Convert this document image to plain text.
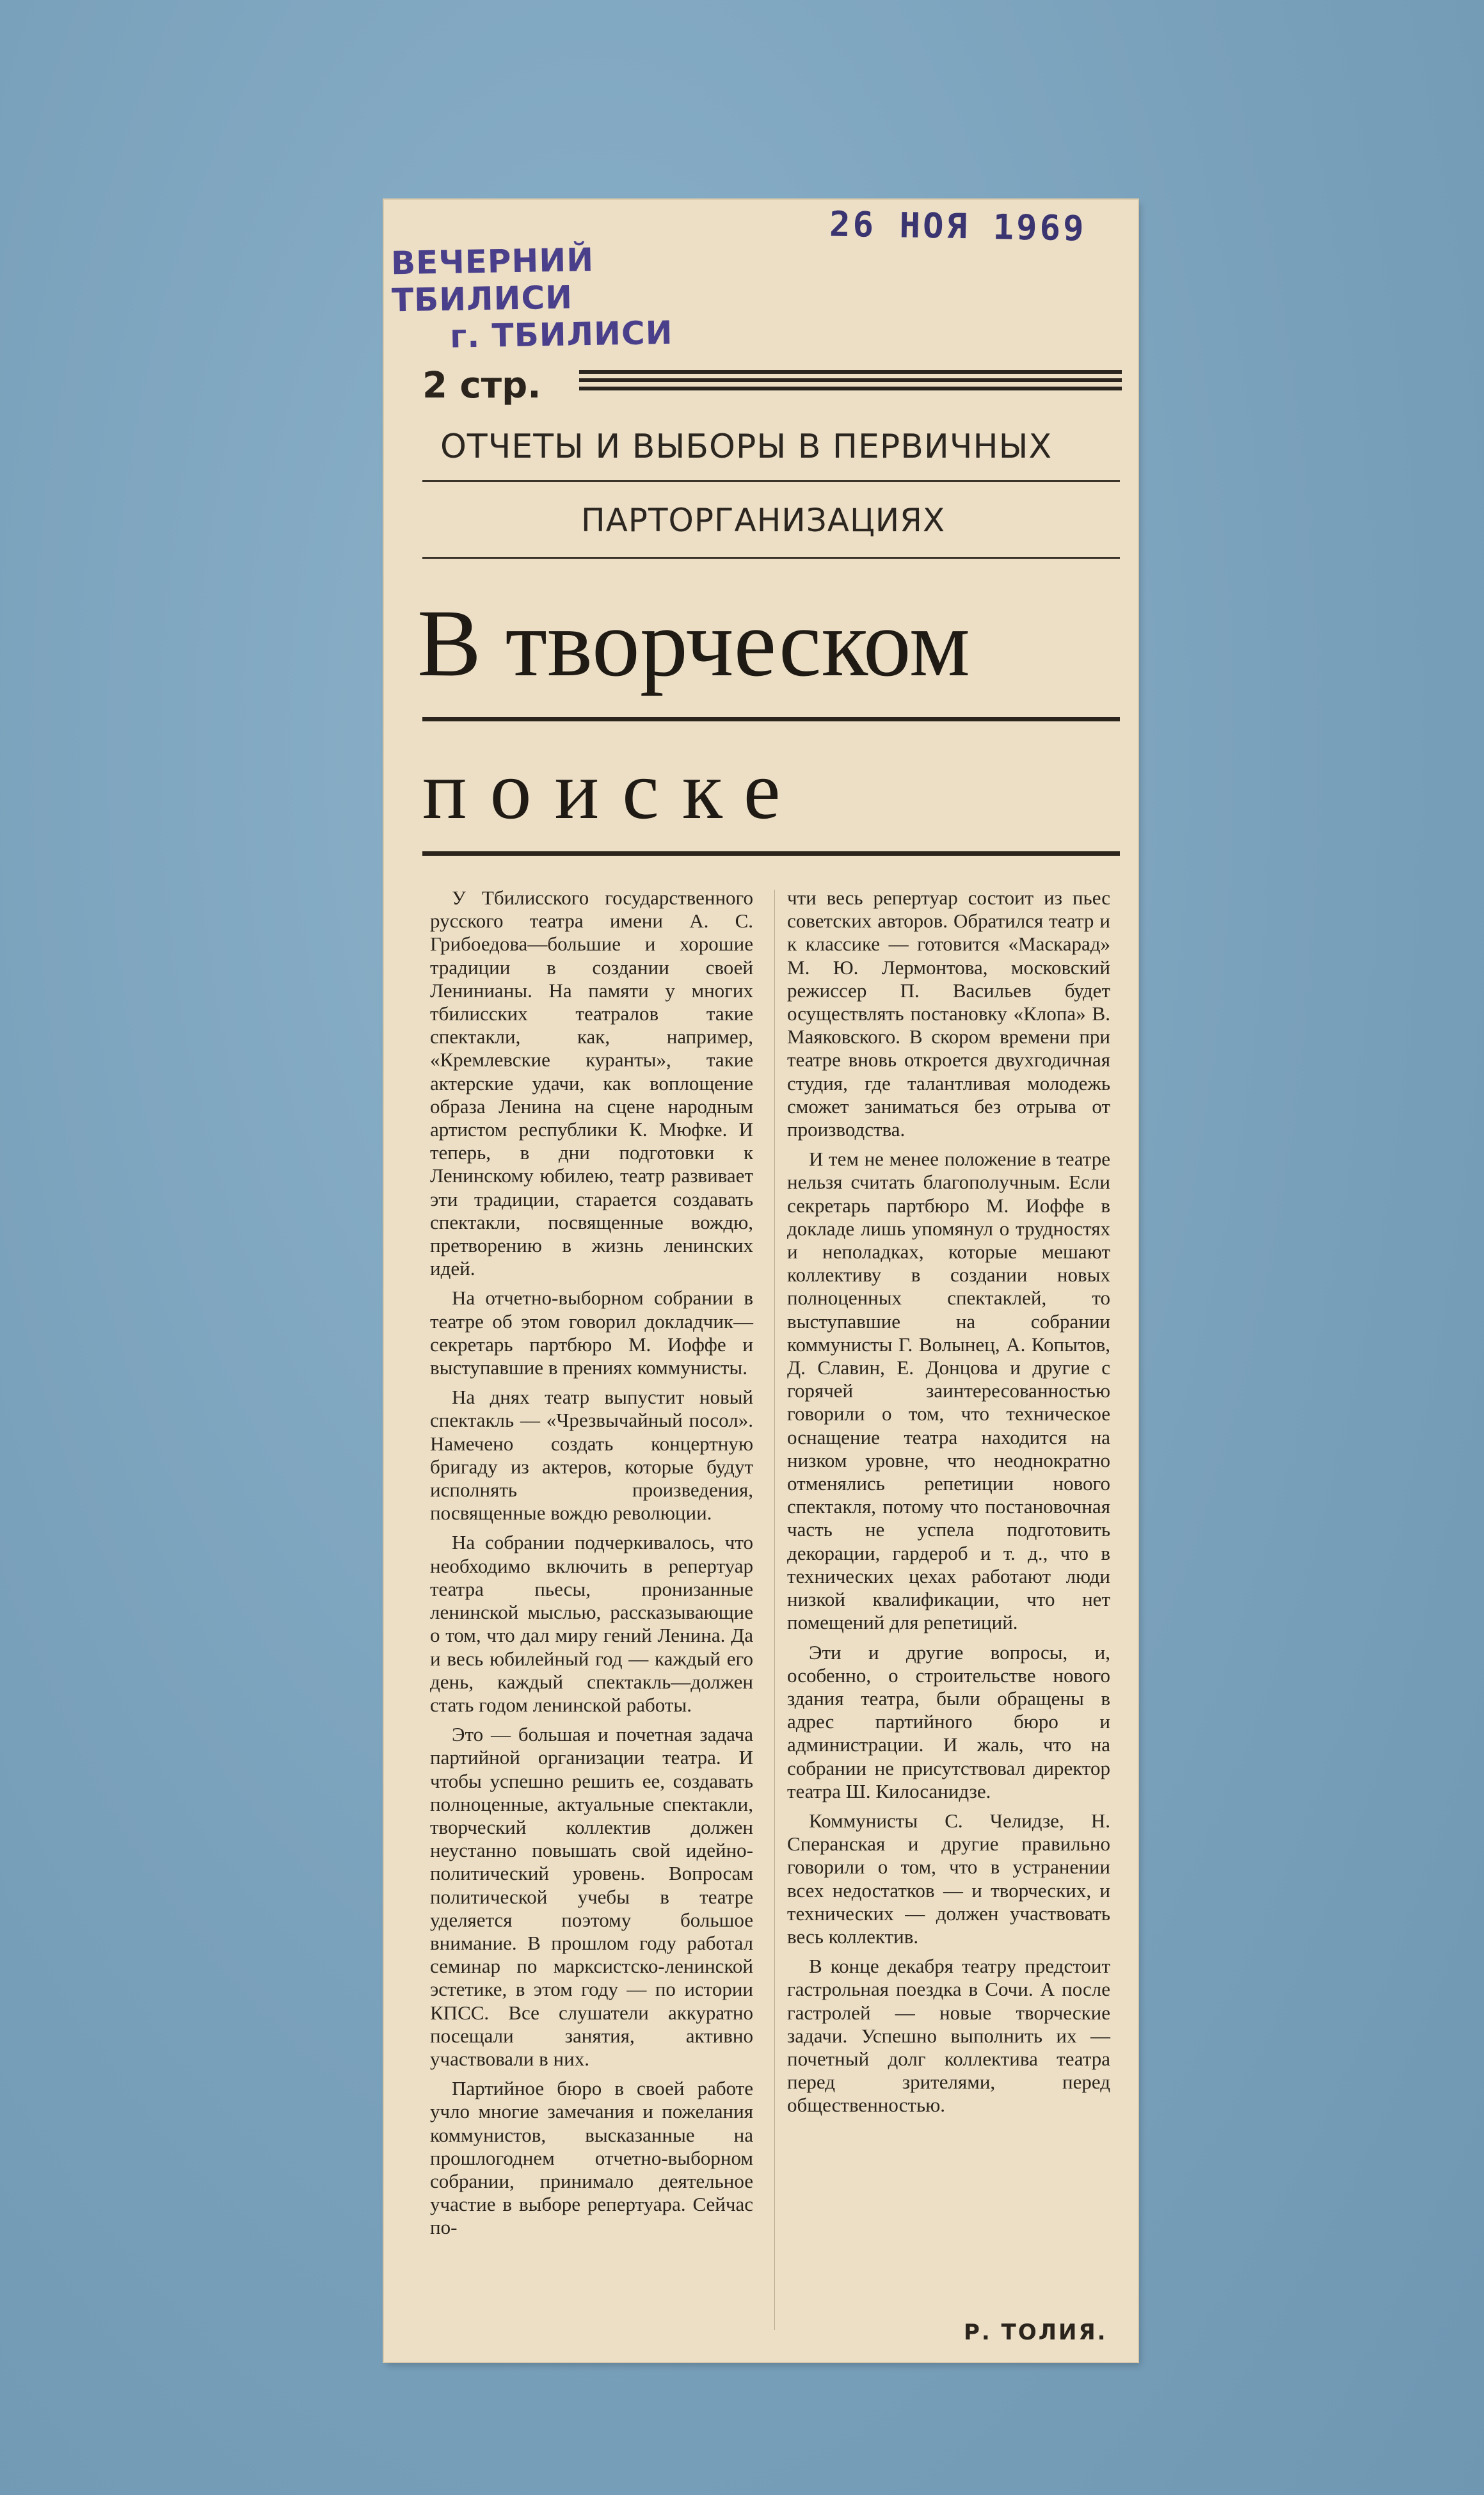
ВЕЧЕРНИЙ ТБИЛИСИ
г. ТБИЛИСИ
26 НОЯ 1969
2 стр.
ОТЧЕТЫ И ВЫБОРЫ В ПЕРВИЧНЫХ
ПАРТОРГАНИЗАЦИЯХ
В творческом
поиске

У Тбилисского государственного русского театра имени А. С. Грибоедова—большие и хорошие традиции в создании своей Ленинианы. На памяти у многих тбилисских театралов такие спектакли, как, например, «Кремлевские куранты», такие актерские удачи, как воплощение образа Ленина на сцене народным артистом республики К. Мюфке. И теперь, в дни подготовки к Ленинскому юбилею, театр развивает эти традиции, старается создавать спектакли, посвященные вождю, претворению в жизнь ленинских идей.

На отчетно-выборном собрании в театре об этом говорил докладчик—секретарь партбюро М. Иоффе и выступавшие в прениях коммунисты.

На днях театр выпустит новый спектакль — «Чрезвычайный посол». Намечено создать концертную бригаду из актеров, которые будут исполнять произведения, посвященные вождю революции.

На собрании подчеркивалось, что необходимо включить в репертуар театра пьесы, пронизанные ленинской мыслью, рассказывающие о том, что дал миру гений Ленина. Да и весь юбилейный год — каждый его день, каждый спектакль—должен стать годом ленинской работы.

Это — большая и почетная задача партийной организации театра. И чтобы успешно решить ее, создавать полноценные, актуальные спектакли, творческий коллектив должен неустанно повышать свой идейно-политический уровень. Вопросам политической учебы в театре уделяется поэтому большое внимание. В прошлом году работал семинар по марксистско-ленинской эстетике, в этом году — по истории КПСС. Все слушатели аккуратно посещали занятия, активно участвовали в них.

Партийное бюро в своей работе учло многие замечания и пожелания коммунистов, высказанные на прошлогоднем отчетно-выборном собрании, принимало деятельное участие в выборе репертуара. Сейчас по-

чти весь репертуар состоит из пьес советских авторов. Обратился театр и к классике — готовится «Маскарад» М. Ю. Лермонтова, московский режиссер П. Васильев будет осуществлять постановку «Клопа» В. Маяковского. В скором времени при театре вновь откроется двухгодичная студия, где талантливая молодежь сможет заниматься без отрыва от производства.

И тем не менее положение в театре нельзя считать благополучным. Если секретарь партбюро М. Иоффе в докладе лишь упомянул о трудностях и неполадках, которые мешают коллективу в создании новых полноценных спектаклей, то выступавшие на собрании коммунисты Г. Волынец, А. Копытов, Д. Славин, Е. Донцова и другие с горячей заинтересованностью говорили о том, что техническое оснащение театра находится на низком уровне, что неоднократно отменялись репетиции нового спектакля, потому что постановочная часть не успела подготовить декорации, гардероб и т. д., что в технических цехах работают люди низкой квалификации, что нет помещений для репетиций.

Эти и другие вопросы, и, особенно, о строительстве нового здания театра, были обращены в адрес партийного бюро и администрации. И жаль, что на собрании не присутствовал директор театра Ш. Килосанидзе.

Коммунисты С. Челидзе, Н. Сперанская и другие правильно говорили о том, что в устранении всех недостатков — и творческих, и технических — должен участвовать весь коллектив.

В конце декабря театру предстоит гастрольная поездка в Сочи. А после гастролей — новые творческие задачи. Успешно выполнить их — почетный долг коллектива театра перед зрителями, перед общественностью.

Р. ТОЛИЯ.
